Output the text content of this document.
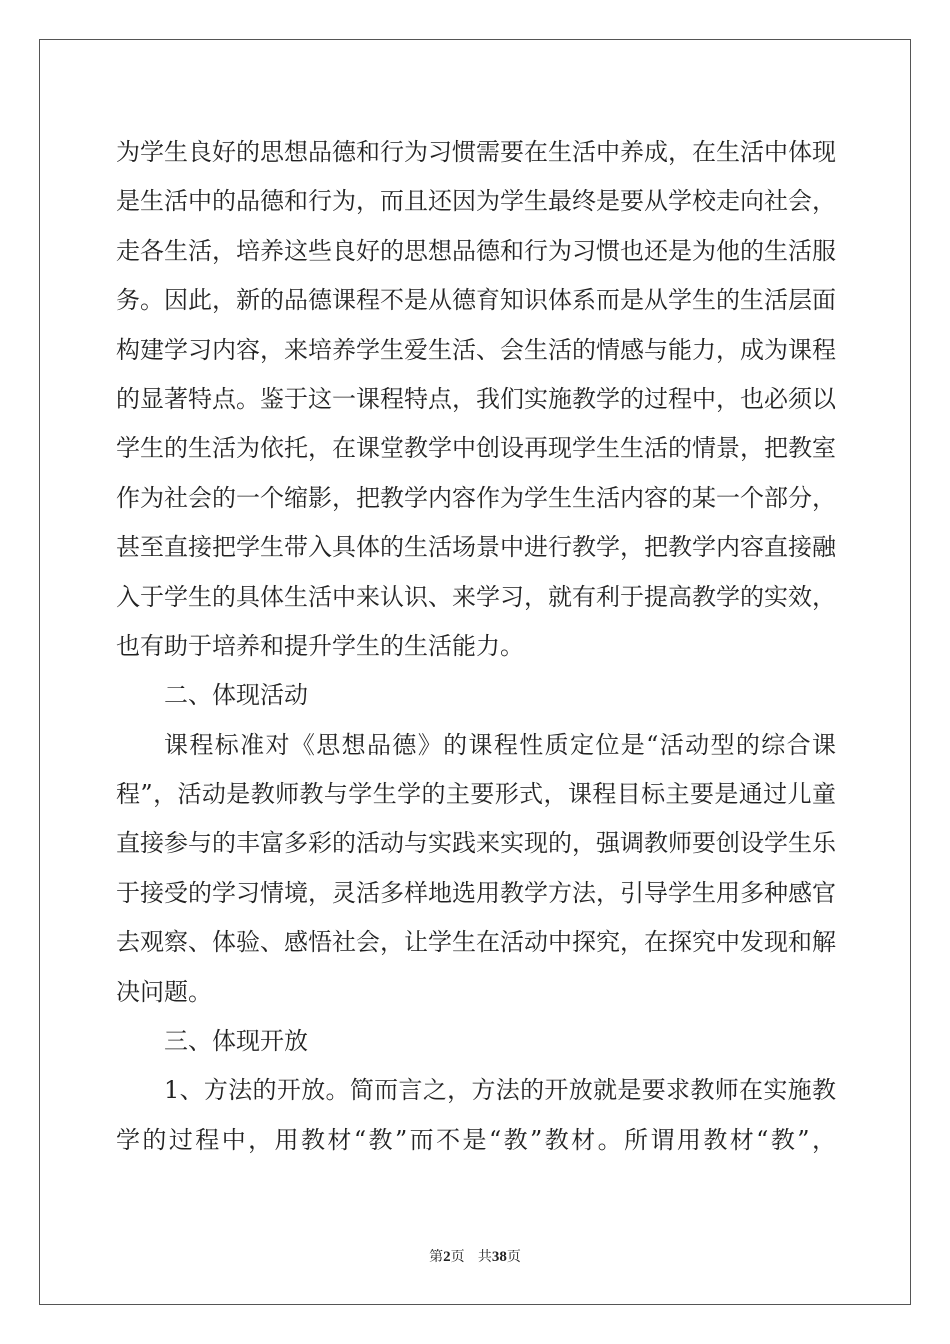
为学生良好的思想品德和行为习惯需要在生活中养成，在生活中体现
是生活中的品德和行为，而且还因为学生最终是要从学校走向社会，
走各生活，培养这些良好的思想品德和行为习惯也还是为他的生活服
务。因此，新的品德课程不是从德育知识体系而是从学生的生活层面
构建学习内容，来培养学生爱生活、会生活的情感与能力，成为课程
的显著特点。鉴于这一课程特点，我们实施教学的过程中，也必须以
学生的生活为依托，在课堂教学中创设再现学生生活的情景，把教室
作为社会的一个缩影，把教学内容作为学生生活内容的某一个部分，
甚至直接把学生带入具体的生活场景中进行教学，把教学内容直接融
入于学生的具体生活中来认识、来学习，就有利于提高教学的实效，
也有助于培养和提升学生的生活能力。
二、体现活动
课程标准对《思想品德》的课程性质定位是“活动型的综合课
程”，活动是教师教与学生学的主要形式，课程目标主要是通过儿童
直接参与的丰富多彩的活动与实践来实现的，强调教师要创设学生乐
于接受的学习情境，灵活多样地选用教学方法，引导学生用多种感官
去观察、体验、感悟社会，让学生在活动中探究，在探究中发现和解
决问题。
三、体现开放
1、方法的开放。简而言之，方法的开放就是要求教师在实施教
学的过程中，用教材“教”而不是“教”教材。所谓用教材“教”，
第2页 共38页
